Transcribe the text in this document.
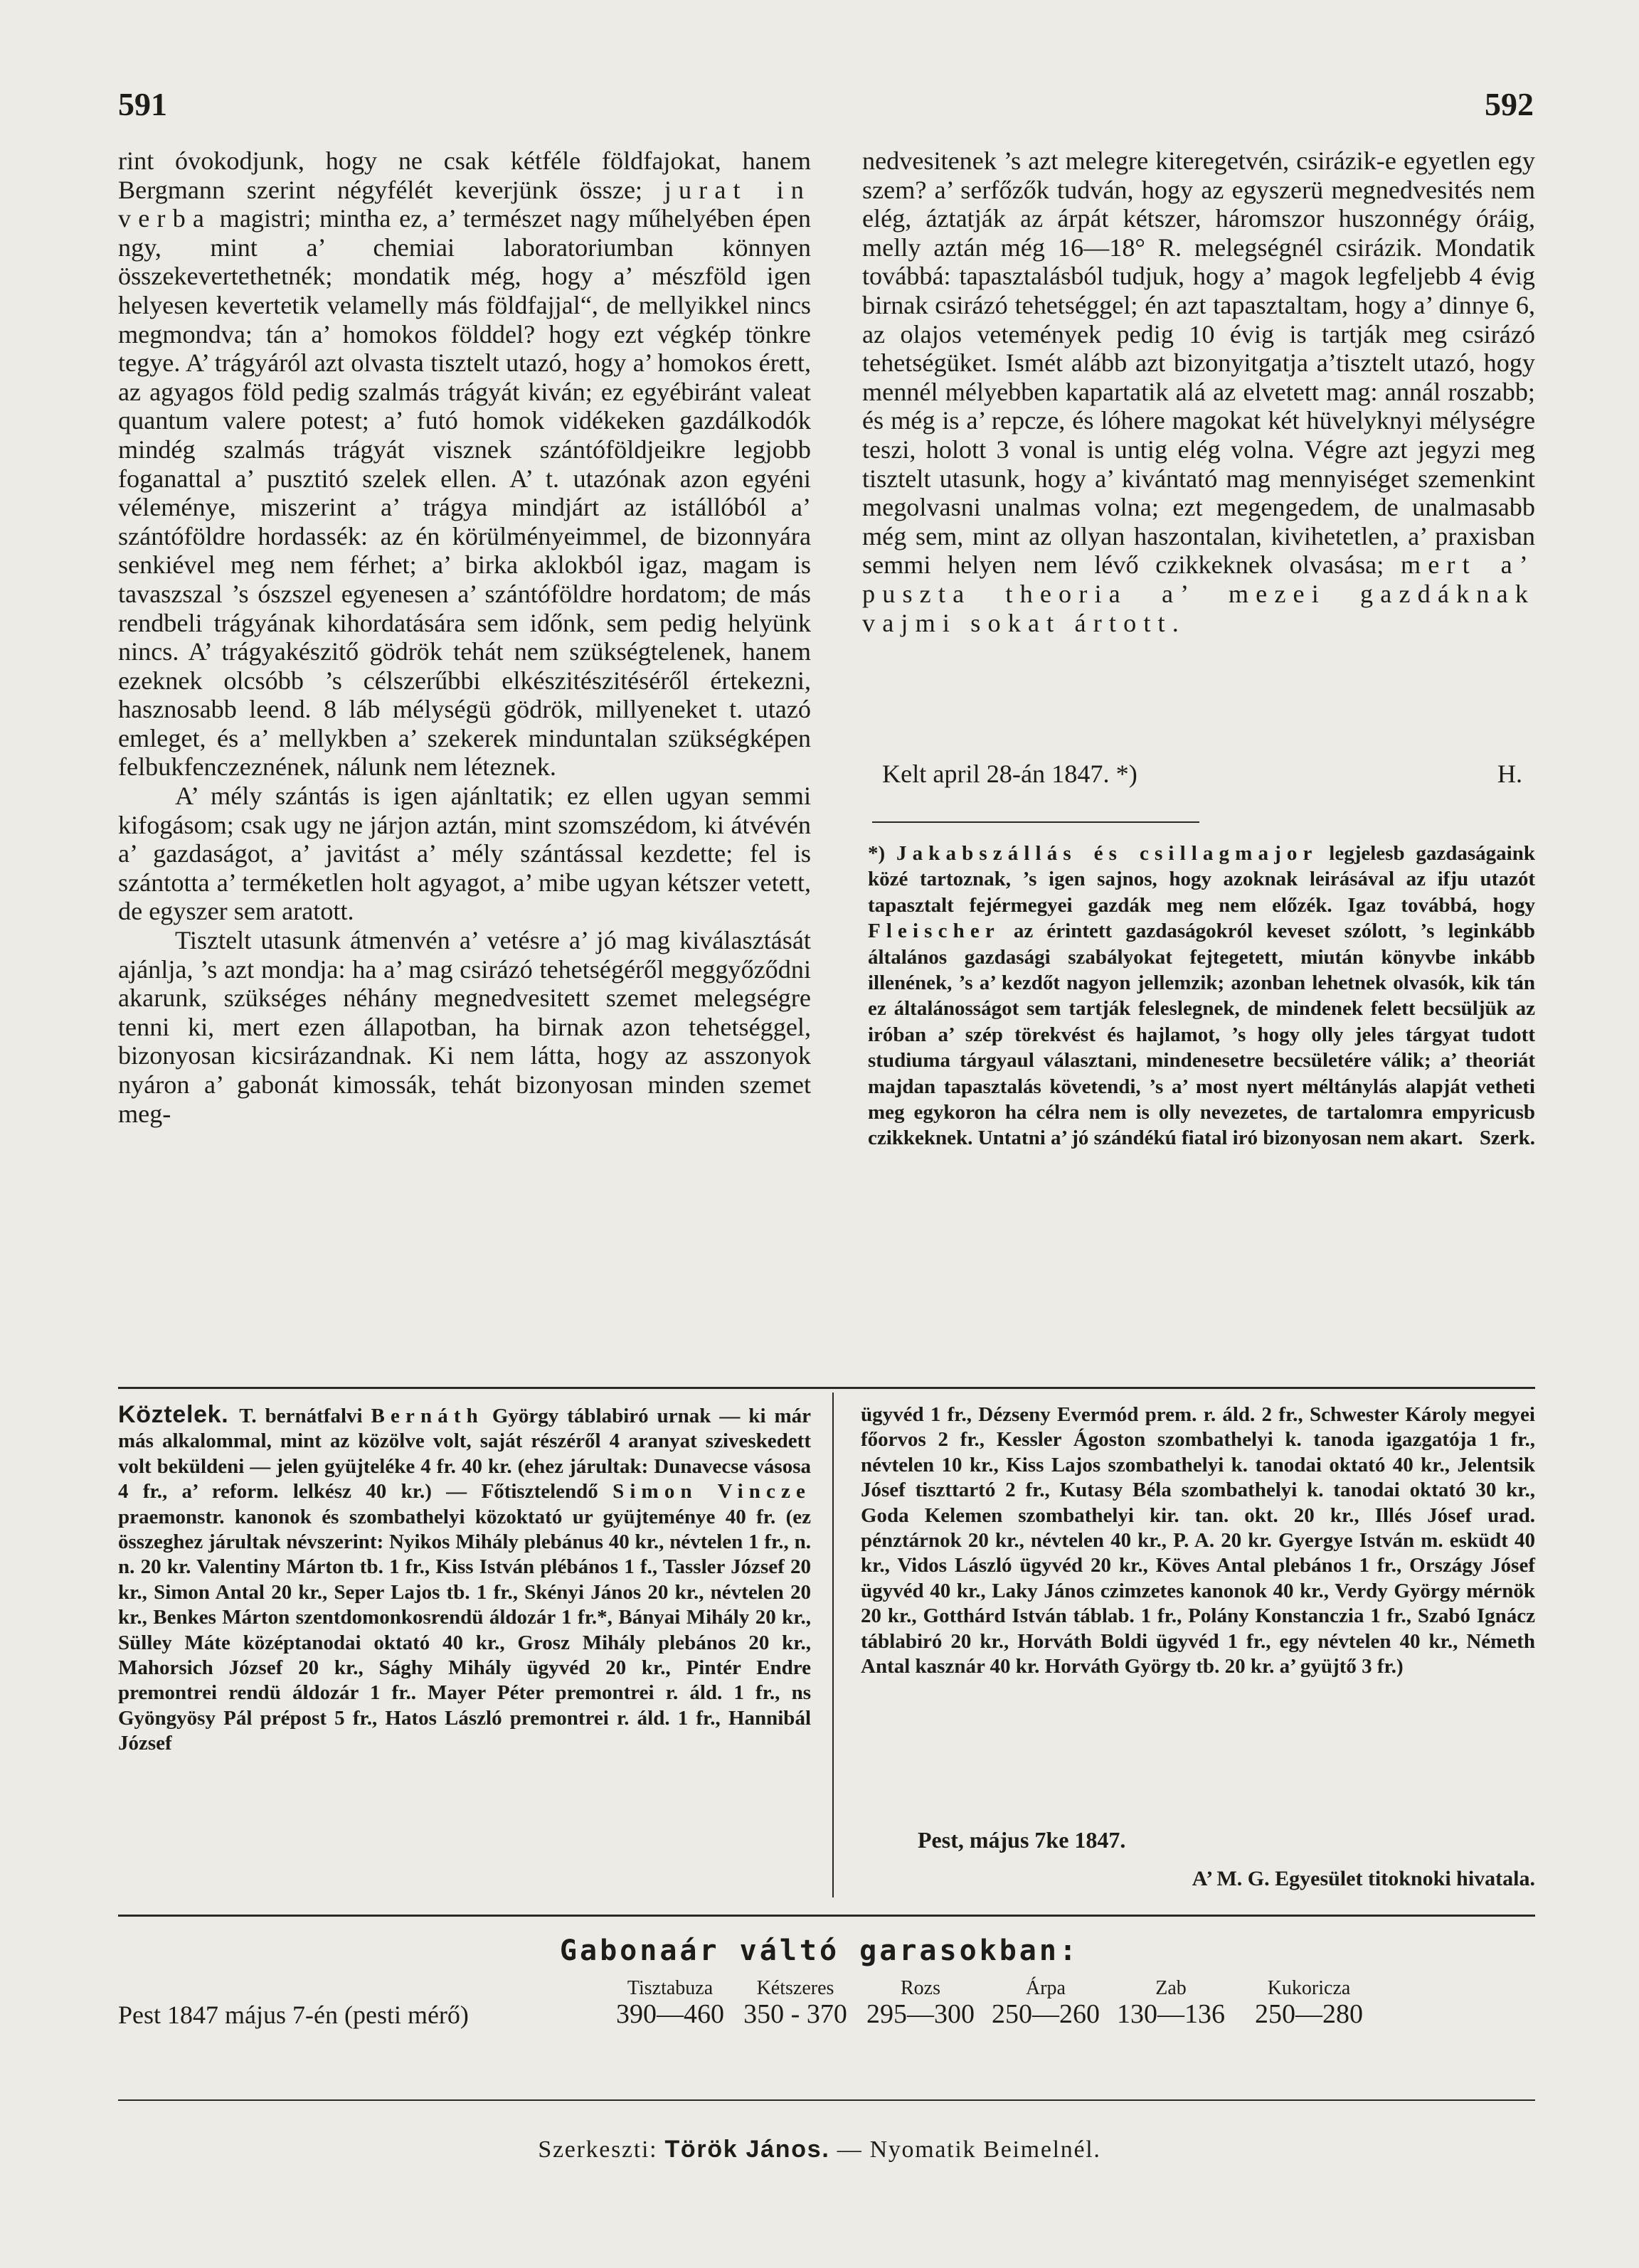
591	592

rint óvokodjunk, hogy ne csak kétféle földfajokat, hanem Bergmann szerint négyfélét keverjünk össze; jurat in verba magistri; mintha ez, a’ természet nagy műhelyében épen ngy, mint a’ chemiai laboratoriumban könnyen összekevertethetnék; mondatik még, hogy a’ mészföld igen helyesen kevertetik velamelly más földfajjal“, de mellyikkel nincs megmondva; tán a’ homokos földdel? hogy ezt végkép tönkre tegye. A’ trágyáról azt olvasta tisztelt utazó, hogy a’ homokos érett, az agyagos föld pedig szalmás trágyát kiván; ez egyébiránt valeat quantum valere potest; a’ futó homok vidékeken gazdálkodók mindég szalmás trágyát visznek szántóföldjeikre legjobb foganattal a’ pusztitó szelek ellen. A’ t. utazónak azon egyéni véleménye, miszerint a’ trágya mindjárt az istállóból a’ szántóföldre hordassék: az én körülményeimmel, de bizonnyára senkiével meg nem férhet; a’ birka aklokból igaz, magam is tavaszszal ’s ószszel egyenesen a’ szántóföldre hordatom; de más rendbeli trágyának kihordatására sem időnk, sem pedig helyünk nincs. A’ trágyakészitő gödrök tehát nem szükségtelenek, hanem ezeknek olcsóbb ’s célszerűbbi elkészitészitéséről értekezni, hasznosabb leend. 8 láb mélységü gödrök, millyeneket t. utazó emleget, és a’ mellykben a’ szekerek minduntalan szükségképen felbukfenczeznének, nálunk nem léteznek.

A’ mély szántás is igen ajánltatik; ez ellen ugyan semmi kifogásom; csak ugy ne járjon aztán, mint szomszédom, ki átvévén a’ gazdaságot, a’ javitást a’ mély szántással kezdette; fel is szántotta a’ terméketlen holt agyagot, a’ mibe ugyan kétszer vetett, de egyszer sem aratott.

Tisztelt utasunk átmenvén a’ vetésre a’ jó mag kiválasztását ajánlja, ’s azt mondja: ha a’ mag csirázó tehetségéről meggyőződni akarunk, szükséges néhány megnedvesitett szemet melegségre tenni ki, mert ezen állapotban, ha birnak azon tehetséggel, bizonyosan kicsirázandnak. Ki nem látta, hogy az asszonyok nyáron a’ gabonát kimossák, tehát bizonyosan minden szemet meg-

nedvesitenek ’s azt melegre kiteregetvén, csirázik-e egyetlen egy szem? a’ serfőzők tudván, hogy az egyszerü megnedvesités nem elég, áztatják az árpát kétszer, háromszor huszonnégy óráig, melly aztán még 16—18° R. melegségnél csirázik. Mondatik továbbá: tapasztalásból tudjuk, hogy a’ magok legfeljebb 4 évig birnak csirázó tehetséggel; én azt tapasztaltam, hogy a’ dinnye 6, az olajos vetemények pedig 10 évig is tartják meg csirázó tehetségüket. Ismét alább azt bizonyitgatja a’tisztelt utazó, hogy mennél mélyebben kapartatik alá az elvetett mag: annál roszabb; és még is a’ repcze, és lóhere magokat két hüvelyknyi mélységre teszi, holott 3 vonal is untig elég volna. Végre azt jegyzi meg tisztelt utasunk, hogy a’ kivántató mag mennyiséget szemenkint megolvasni unalmas volna; ezt megengedem, de unalmasabb még sem, mint az ollyan haszontalan, kivihetetlen, a’ praxisban semmi helyen nem lévő czikkeknek olvasása; mert a’ puszta theoria a’ mezei gazdáknak vajmi sokat ártott.

Kelt april 28-án 1847. *)	H.

*) Jakabszállás és csillagmajor legjelesb gazdaságaink közé tartoznak, ’s igen sajnos, hogy azoknak leirásával az ifju utazót tapasztalt fejérmegyei gazdák meg nem előzék. Igaz továbbá, hogy Fleischer az érintett gazdaságokról keveset szólott, ’s leginkább általános gazdasági szabályokat fejtegetett, miután könyvbe inkább illenének, ’s a’ kezdőt nagyon jellemzik; azonban lehetnek olvasók, kik tán ez általánosságot sem tartják feleslegnek, de mindenek felett becsüljük az iróban a’ szép törekvést és hajlamot, ’s hogy olly jeles tárgyat tudott studiuma tárgyaul választani, mindenesetre becsületére válik; a’ theoriát majdan tapasztalás követendi, ’s a’ most nyert méltánylás alapját vetheti meg egykoron ha célra nem is olly nevezetes, de tartalomra empyricusb czikkeknek. Untatni a’ jó szándékú fiatal iró bizonyosan nem akart. Szerk.

Köztelek. T. bernátfalvi Bernáth György táblabiró urnak — ki már más alkalommal, mint az közölve volt, saját részéről 4 aranyat sziveskedett volt beküldeni — jelen gyüjteléke 4 fr. 40 kr. (ehez járultak: Dunavecse vásosa 4 fr., a’ reform. lelkész 40 kr.) — Főtisztelendő Simon Vincze praemonstr. kanonok és szombathelyi közoktató ur gyüjteménye 40 fr. (ez összeghez járultak névszerint: Nyikos Mihály plebánus 40 kr., névtelen 1 fr., n. n. 20 kr. Valentiny Márton tb. 1 fr., Kiss István plébános 1 f., Tassler József 20 kr., Simon Antal 20 kr., Seper Lajos tb. 1 fr., Skényi János 20 kr., névtelen 20 kr., Benkes Márton szentdomonkosrendü áldozár 1 fr.*, Bányai Mihály 20 kr., Sülley Máte középtanodai oktató 40 kr., Grosz Mihály plebános 20 kr., Mahorsich József 20 kr., Sághy Mihály ügyvéd 20 kr., Pintér Endre premontrei rendü áldozár 1 fr.. Mayer Péter premontrei r. áld. 1 fr., ns Gyöngyösy Pál prépost 5 fr., Hatos László premontrei r. áld. 1 fr., Hannibál József

ügyvéd 1 fr., Dézseny Evermód prem. r. áld. 2 fr., Schwester Károly megyei főorvos 2 fr., Kessler Ágoston szombathelyi k. tanoda igazgatója 1 fr., névtelen 10 kr., Kiss Lajos szombathelyi k. tanodai oktató 40 kr., Jelentsik Jósef tiszttartó 2 fr., Kutasy Béla szombathelyi k. tanodai oktató 30 kr., Goda Kelemen szombathelyi kir. tan. okt. 20 kr., Illés Jósef urad. pénztárnok 20 kr., névtelen 40 kr., P. A. 20 kr. Gyergye István m. esküdt 40 kr., Vidos László ügyvéd 20 kr., Köves Antal plebános 1 fr., Országy Jósef ügyvéd 40 kr., Laky János czimzetes kanonok 40 kr., Verdy György mérnök 20 kr., Gotthárd István táblab. 1 fr., Polány Konstanczia 1 fr., Szabó Ignácz táblabiró 20 kr., Horváth Boldi ügyvéd 1 fr., egy névtelen 40 kr., Németh Antal kasznár 40 kr. Horváth György tb. 20 kr. a’ gyüjtő 3 fr.)

Pest, május 7ke 1847.
A’ M. G. Egyesület titoknoki hivatala.
Gabonaár váltó garasokban:
Pest 1847 május 7-én (pesti mérő)
Tisztabuza
390—460
Kétszeres
350 - 370
Rozs
295—300
Árpa
250—260
Zab
130—136
Kukoricza
250—280
Szerkeszti: Török János. — Nyomatik Beimelnél.
